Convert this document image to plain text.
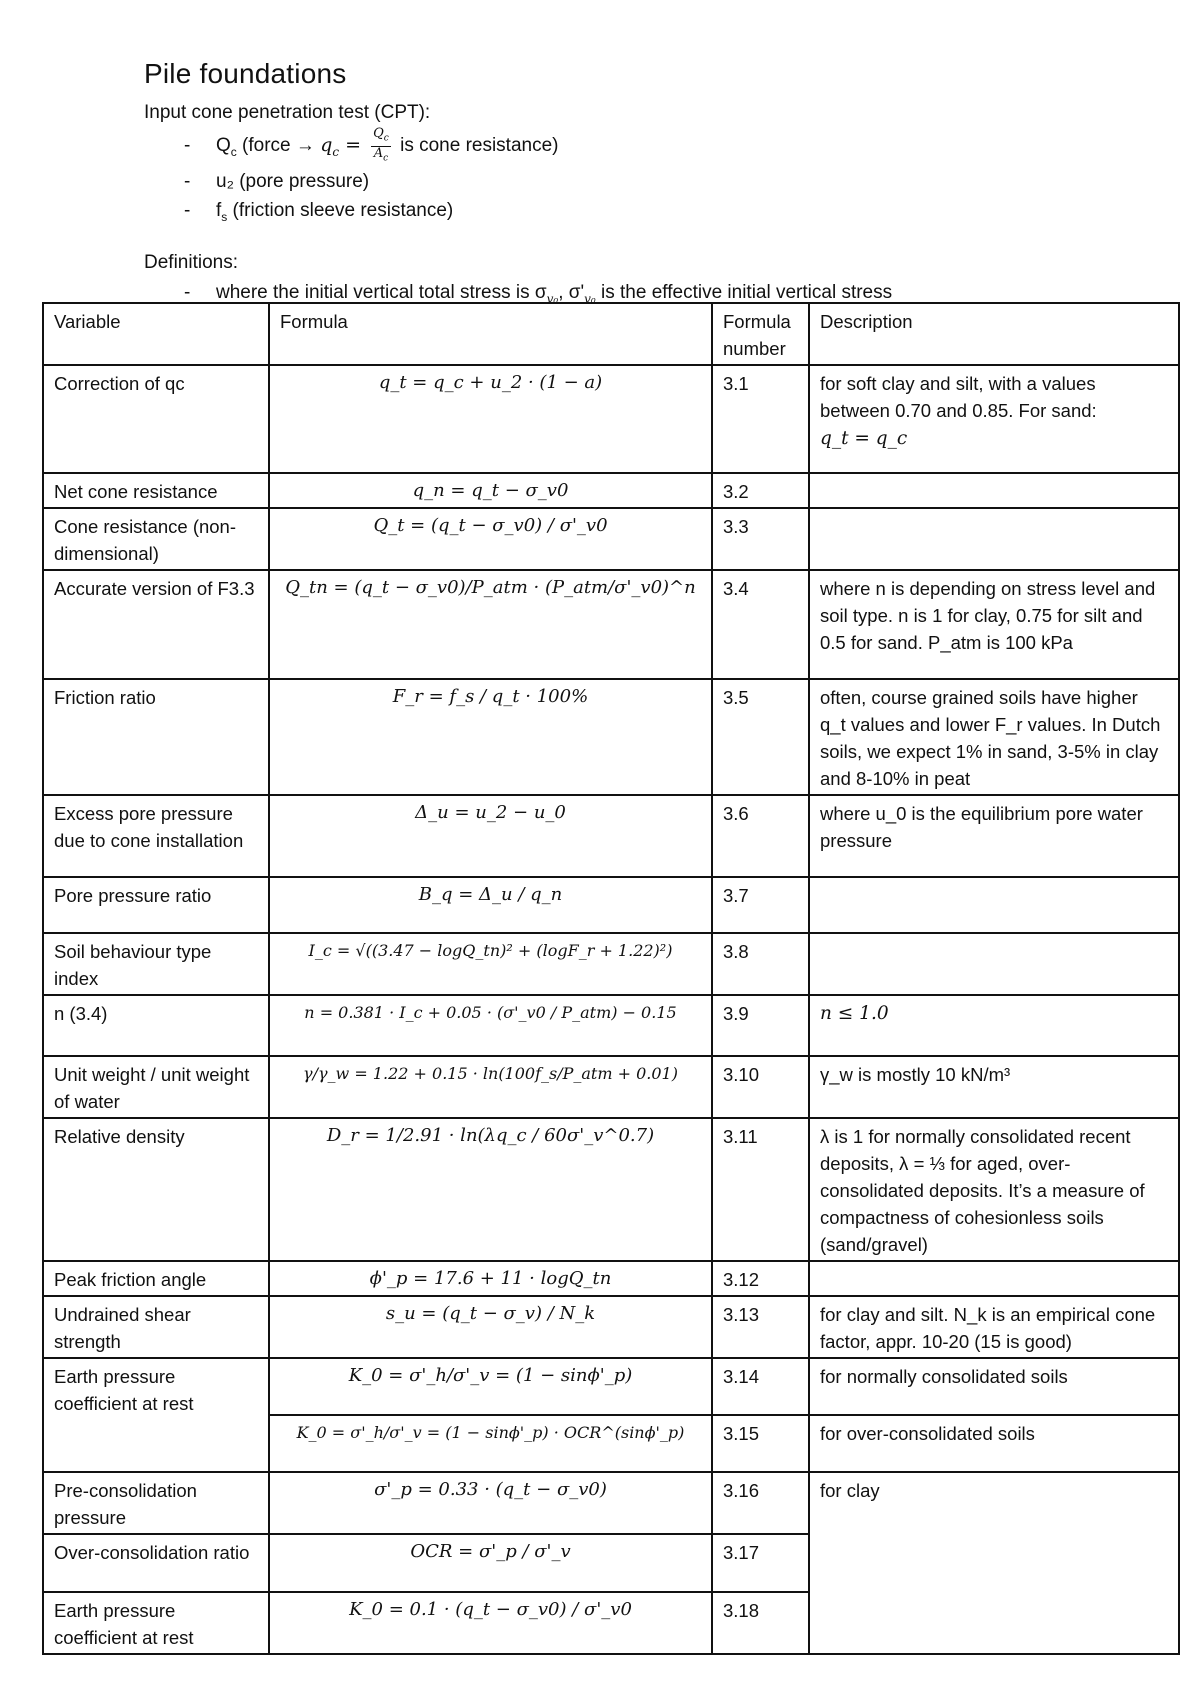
Pile foundations
Input cone penetration test (CPT):
- $Q_c$ (force → $q_c = \frac{Q_c}{A_c}$ is cone resistance)
- u₂ (pore pressure)
- $f_s$ (friction sleeve resistance)
Definitions:
- where the initial vertical total stress is $\sigma_{v_0}$, $\sigma'_{v_0}$ is the effective initial vertical stress
Variable	Formula	Formula number	Description
Correction of qc	q_t = q_c + u_2 · (1 − a)	3.1	for soft clay and silt, with a values between 0.70 and 0.85. For sand:
q_t = q_c
Net cone resistance	q_n = q_t − σ_v0	3.2	
Cone resistance (non-dimensional)	Q_t = (q_t − σ_v0) / σ'_v0	3.3	
Accurate version of F3.3	Q_tn = (q_t − σ_v0)/P_atm · (P_atm/σ'_v0)^n	3.4	where n is depending on stress level and soil type. n is 1 for clay, 0.75 for silt and 0.5 for sand. P_atm is 100 kPa
Friction ratio	F_r = f_s / q_t · 100%	3.5	often, course grained soils have higher q_t values and lower F_r values. In Dutch soils, we expect 1% in sand, 3-5% in clay and 8-10% in peat
Excess pore pressure due to cone installation	Δ_u = u_2 − u_0	3.6	where u_0 is the equilibrium pore water pressure
Pore pressure ratio	B_q = Δ_u / q_n	3.7	
Soil behaviour type index	I_c = √((3.47 − logQ_tn)² + (logF_r + 1.22)²)	3.8	
n (3.4)	n = 0.381 · I_c + 0.05 · (σ'_v0 / P_atm) − 0.15	3.9	n ≤ 1.0
Unit weight / unit weight of water	γ/γ_w = 1.22 + 0.15 · ln(100f_s/P_atm + 0.01)	3.10	γ_w is mostly 10 kN/m³
Relative density	D_r = 1/2.91 · ln(λq_c / 60σ'_v^0.7)	3.11	λ is 1 for normally consolidated recent deposits, λ = ⅓ for aged, over-consolidated deposits. It’s a measure of compactness of cohesionless soils (sand/gravel)
Peak friction angle	ϕ'_p = 17.6 + 11 · logQ_tn	3.12	
Undrained shear strength	s_u = (q_t − σ_v) / N_k	3.13	for clay and silt. N_k is an empirical cone factor, appr. 10-20 (15 is good)
Earth pressure coefficient at rest	K_0 = σ'_h/σ'_v = (1 − sinϕ'_p)	3.14	for normally consolidated soils
	K_0 = σ'_h/σ'_v = (1 − sinϕ'_p) · OCR^(sinϕ'_p)	3.15	for over-consolidated soils
Pre-consolidation pressure	σ'_p = 0.33 · (q_t − σ_v0)	3.16	for clay
Over-consolidation ratio	OCR = σ'_p / σ'_v	3.17	
Earth pressure coefficient at rest	K_0 = 0.1 · (q_t − σ_v0) / σ'_v0	3.18	
